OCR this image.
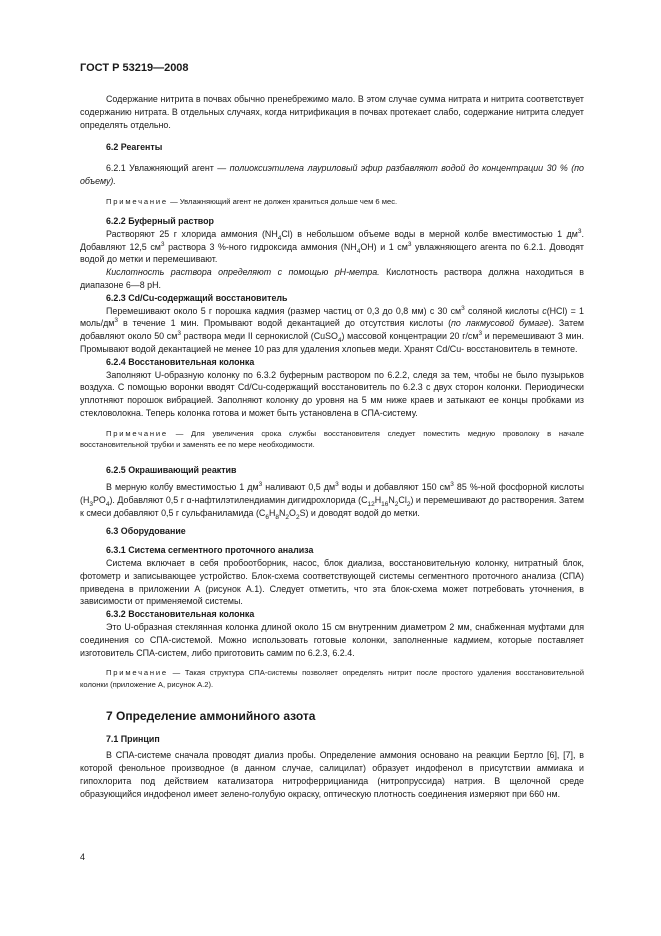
ГОСТ Р 53219—2008

Содержание нитрита в почвах обычно пренебрежимо мало. В этом случае сумма нитрата и нитрита соответствует содержанию нитрата. В отдельных случаях, когда нитрификация в почвах протекает слабо, содержание нитрита следует определять отдельно.

6.2 Реагенты

6.2.1 Увлажняющий агент — полиоксиэтилена лауриловый эфир разбавляют водой до концентрации 30 % (по объему).

Примечание — Увлажняющий агент не должен храниться дольше чем 6 мес.

6.2.2 Буферный раствор

Растворяют 25 г хлорида аммония $(NH_4Cl)$ в небольшом объеме воды в мерной колбе вместимостью 1 $дм^3$. Добавляют 12,5 $см^3$ раствора 3 %-ного гидроксида аммония $(NH_4OH)$ и 1 $см^3$ увлажняющего агента по 6.2.1. Доводят водой до метки и перемешивают.

Кислотность раствора определяют с помощью pH-метра. Кислотность раствора должна находиться в диапазоне 6—8 pH.

6.2.3 Cd/Cu-содержащий восстановитель

Перемешивают около 5 г порошка кадмия (размер частиц от 0,3 до 0,8 мм) с 30 $см^3$ соляной кислоты c(HCl) = 1 моль/$дм^3$ в течение 1 мин. Промывают водой декантацией до отсутствия кислоты (по лакмусовой бумаге). Затем добавляют около 50 $см^3$ раствора меди II сернокислой (CuSO$_4$) массовой концентрации 20 $г/см^3$ и перемешивают 3 мин. Промывают водой декантацией не менее 10 раз для удаления хлопьев меди. Хранят Cd/Cu- восстановитель в темноте.

6.2.4 Восстановительная колонка

Заполняют U-образную колонку по 6.3.2 буферным раствором по 6.2.2, следя за тем, чтобы не было пузырьков воздуха. С помощью воронки вводят Cd/Cu-содержащий восстановитель по 6.2.3 с двух сторон колонки. Периодически уплотняют порошок вибрацией. Заполняют колонку до уровня на 5 мм ниже краев и затыкают ее концы пробками из стекловолокна. Теперь колонка готова и может быть установлена в СПА-систему.

Примечание — Для увеличения срока службы восстановителя следует поместить медную проволоку в начале восстановительной трубки и заменять ее по мере необходимости.

6.2.5 Окрашивающий реактив

В мерную колбу вместимостью 1 $дм^3$ наливают 0,5 $дм^3$ воды и добавляют 150 $см^3$ 85 %-ной фосфорной кислоты $(H_3PO_4)$. Добавляют 0,5 г α-нафтилэтилендиамин дигидрохлорида $(C_{12}H_{16}N_2Cl_2)$ и перемешивают до растворения. Затем к смеси добавляют 0,5 г сульфаниламида $(C_6H_8N_2O_2S)$ и доводят водой до метки.

6.3 Оборудование

6.3.1 Система сегментного проточного анализа

Система включает в себя пробоотборник, насос, блок диализа, восстановительную колонку, нитратный блок, фотометр и записывающее устройство. Блок-схема соответствующей системы сегментного проточного анализа (СПА) приведена в приложении А (рисунок А.1). Следует отметить, что эта блок-схема может потребовать уточнения, в зависимости от применяемой системы.

6.3.2 Восстановительная колонка

Это U-образная стеклянная колонка длиной около 15 см внутренним диаметром 2 мм, снабженная муфтами для соединения со СПА-системой. Можно использовать готовые колонки, заполненные кадмием, которые поставляет изготовитель СПА-систем, либо приготовить самим по 6.2.3, 6.2.4.

Примечание — Такая структура СПА-системы позволяет определять нитрит после простого удаления восстановительной колонки (приложение А, рисунок А.2).

7 Определение аммонийного азота

7.1 Принцип

В СПА-системе сначала проводят диализ пробы. Определение аммония основано на реакции Бертло [6], [7], в которой фенольное производное (в данном случае, салицилат) образует индофенол в присутствии аммиака и гипохлорита под действием катализатора нитроферрицианида (нитропруссида) натрия. В щелочной среде образующийся индофенол имеет зелено-голубую окраску, оптическую плотность соединения измеряют при 660 нм.

4
